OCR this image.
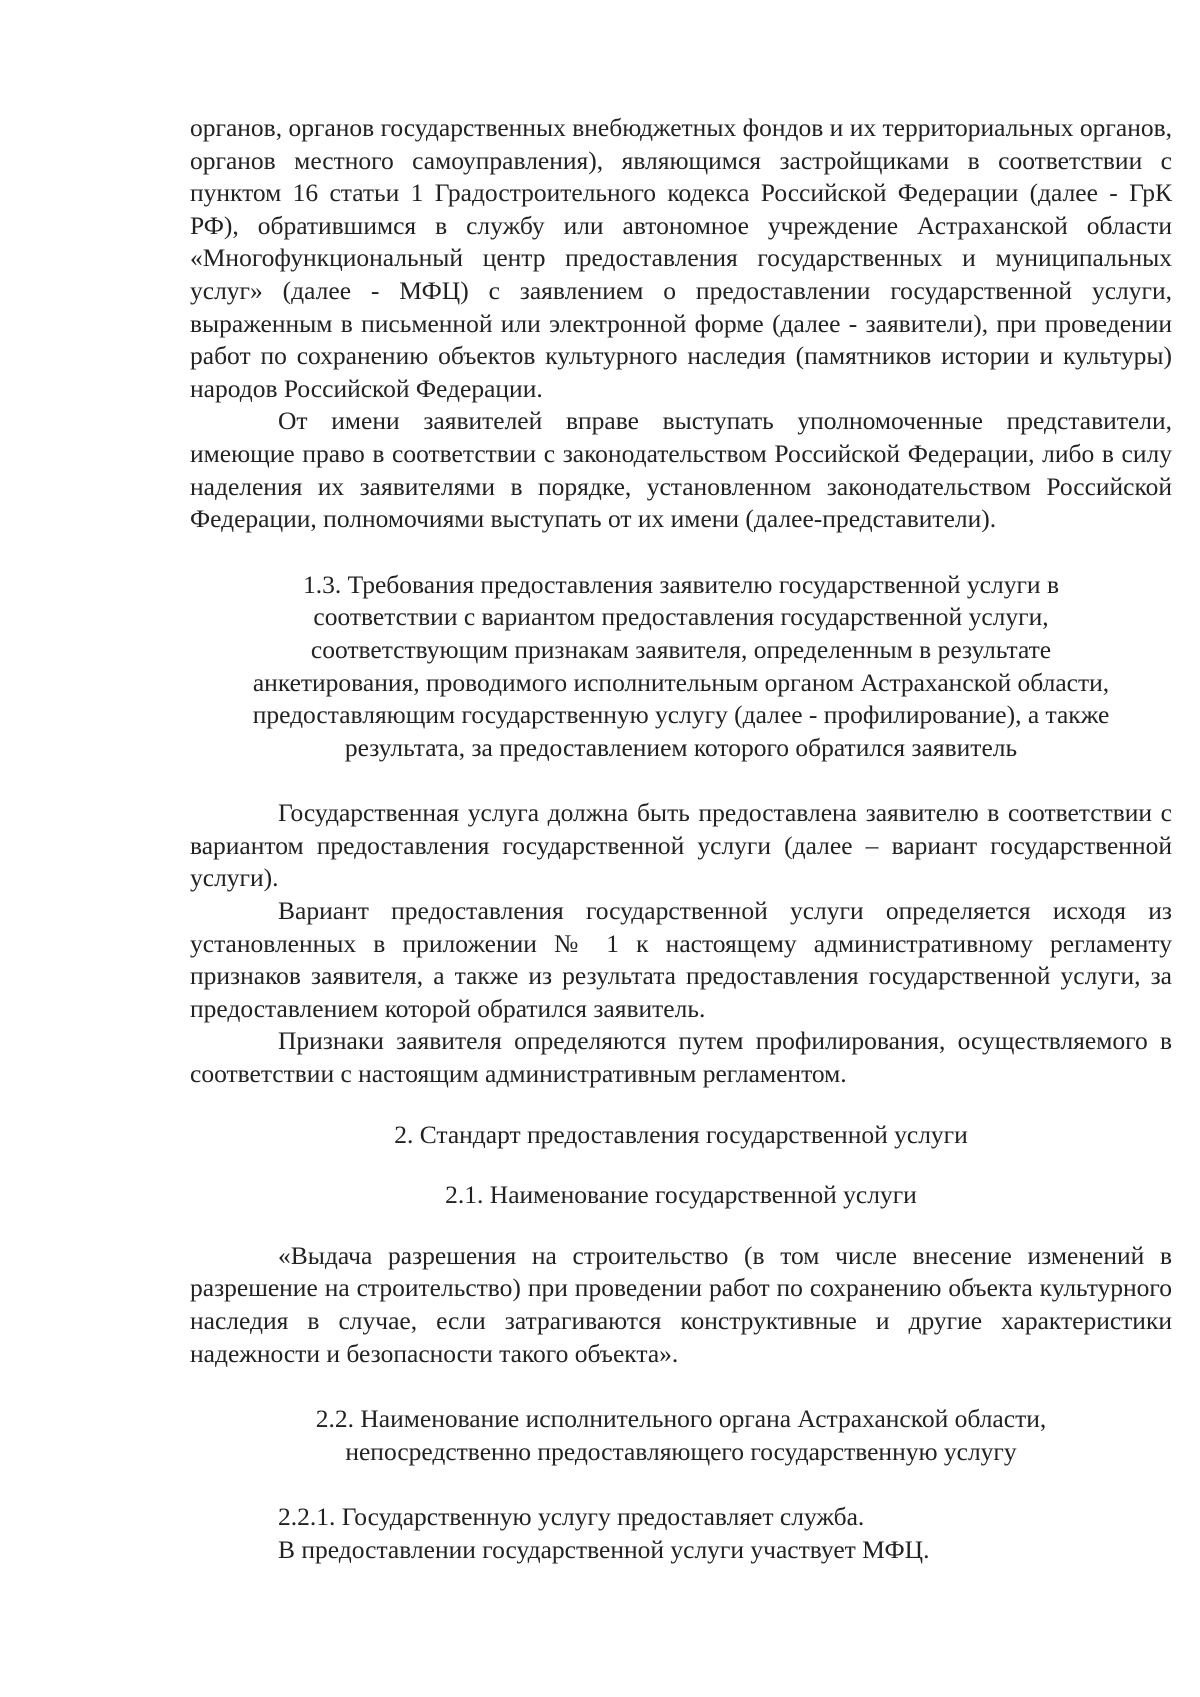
органов, органов государственных внебюджетных фондов и их территориальных органов, органов местного самоуправления), являющимся застройщиками в соответствии с пунктом 16 статьи 1 Градостроительного кодекса Российской Федерации (далее - ГрК РФ), обратившимся в службу или автономное учреждение Астраханской области «Многофункциональный центр предоставления государственных и муниципальных услуг» (далее - МФЦ) с заявлением о предоставлении государственной услуги, выраженным в письменной или электронной форме (далее - заявители), при проведении работ по сохранению объектов культурного наследия (памятников истории и культуры) народов Российской Федерации.

От имени заявителей вправе выступать уполномоченные представители, имеющие право в соответствии с законодательством Российской Федерации, либо в силу наделения их заявителями в порядке, установленном законодательством Российской Федерации, полномочиями выступать от их имени (далее-представители).

1.3. Требования предоставления заявителю государственной услуги в
соответствии с вариантом предоставления государственной услуги,
соответствующим признакам заявителя, определенным в результате
анкетирования, проводимого исполнительным органом Астраханской области,
предоставляющим государственную услугу (далее - профилирование), а также
результата, за предоставлением которого обратился заявитель

Государственная услуга должна быть предоставлена заявителю в соответствии с вариантом предоставления государственной услуги (далее – вариант государственной услуги).

Вариант предоставления государственной услуги определяется исходя из установленных в приложении № 1 к настоящему административному регламенту признаков заявителя, а также из результата предоставления государственной услуги, за предоставлением которой обратился заявитель.

Признаки заявителя определяются путем профилирования, осуществляемого в соответствии с настоящим административным регламентом.

2. Стандарт предоставления государственной услуги
2.1. Наименование государственной услуги

«Выдача разрешения на строительство (в том числе внесение изменений в разрешение на строительство) при проведении работ по сохранению объекта культурного наследия в случае, если затрагиваются конструктивные и другие характеристики надежности и безопасности такого объекта».

2.2. Наименование исполнительного органа Астраханской области,
непосредственно предоставляющего государственную услугу

2.2.1. Государственную услугу предоставляет служба.

В предоставлении государственной услуги участвует МФЦ.
